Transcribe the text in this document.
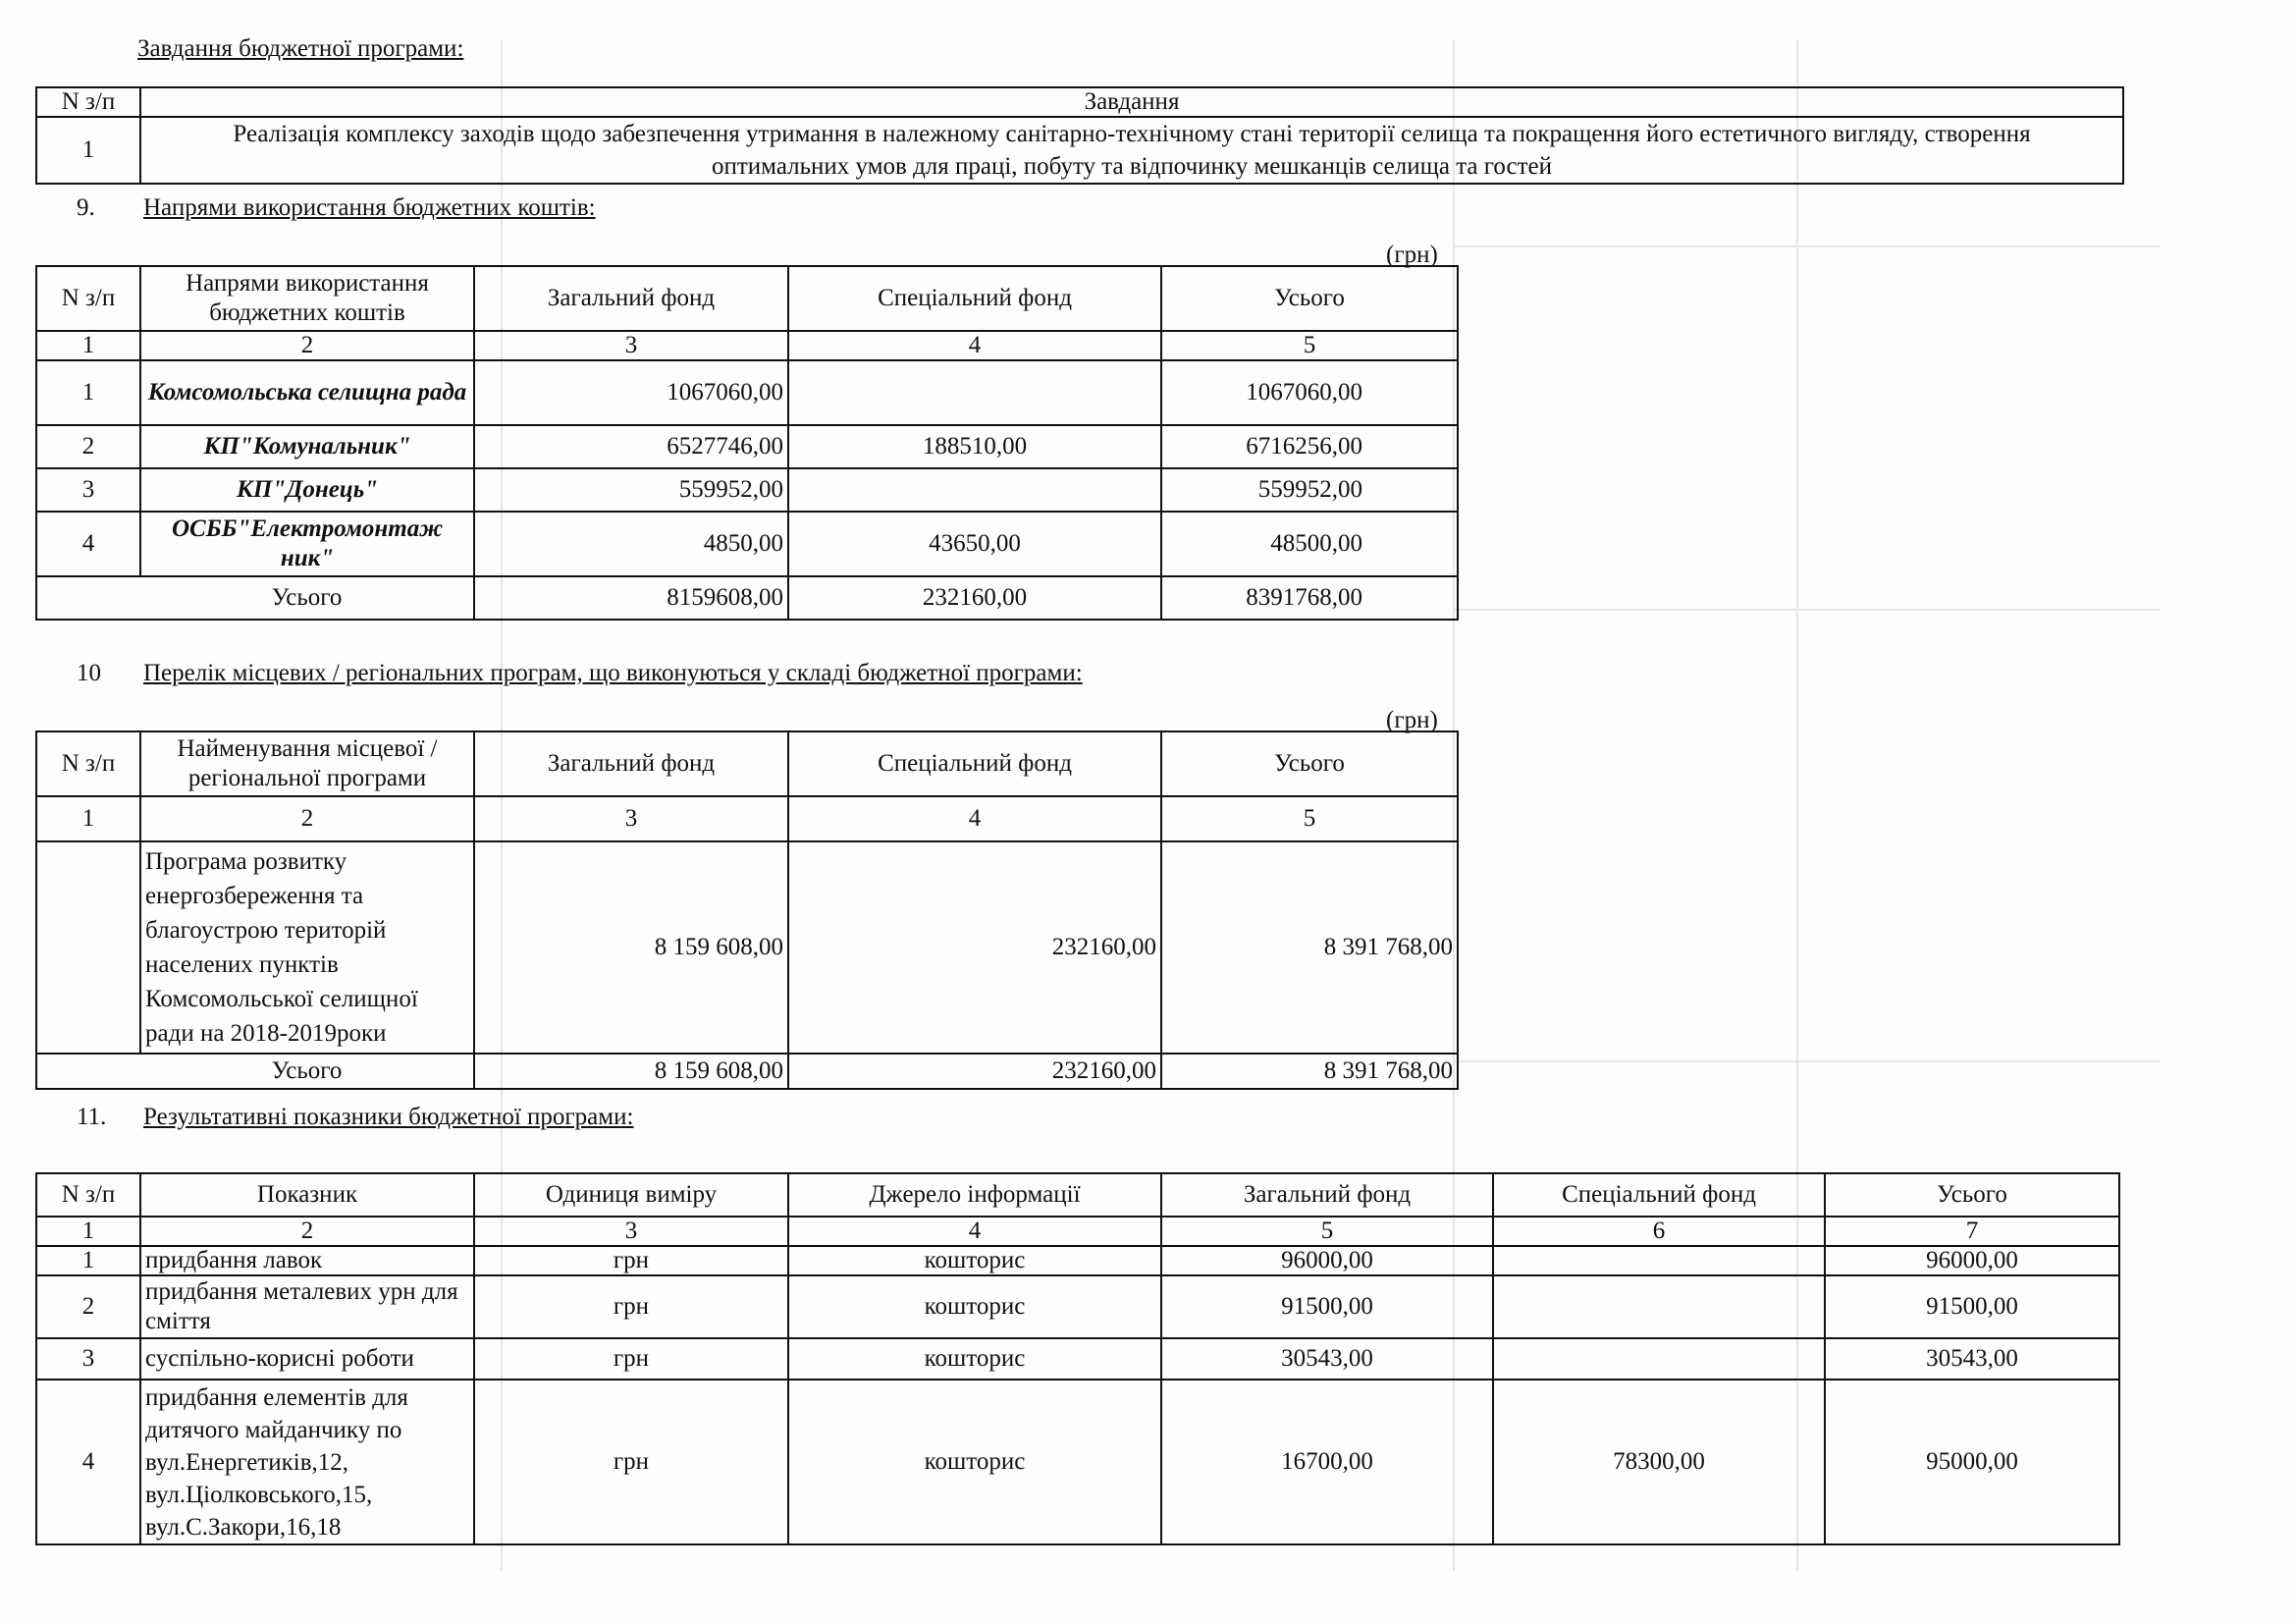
Завдання бюджетної програми:
N з/п	Завдання
1	Реалізація комплексу заходів щодо забезпечення утримання в належному санітарно-технічному стані території селища та покращення його естетичного вигляду, створення оптимальних умов для праці, побуту та відпочинку мешканців селища та гостей
9. Напрями використання бюджетних коштів:
(грн)
N з/п	Напрями використання бюджетних коштів	Загальний фонд	Спеціальний фонд	Усього
1	2	3	4	5
1	Комсомольська селищна рада	1067060,00		1067060,00
2	КП"Комунальник"	6527746,00	188510,00	6716256,00
3	КП"Донець"	559952,00		559952,00
4	ОСББ"Електромонтаж ник"	4850,00	43650,00	48500,00
	Усього	8159608,00	232160,00	8391768,00
10 Перелік місцевих / регіональних програм, що виконуються у складі бюджетної програми:
(грн)
N з/п	Найменування місцевої / регіональної програми	Загальний фонд	Спеціальний фонд	Усього
1	2	3	4	5
	Програма розвитку енергозбереження та благоустрою територій населених пунктів Комсомольської селищної ради на 2018-2019роки	8 159 608,00	232160,00	8 391 768,00
	Усього	8 159 608,00	232160,00	8 391 768,00
11. Результативні показники бюджетної програми:
N з/п	Показник	Одиниця виміру	Джерело інформації	Загальний фонд	Спеціальний фонд	Усього
1	2	3	4	5	6	7
1	придбання лавок	грн	кошторис	96000,00		96000,00
2	придбання металевих урн для сміття	грн	кошторис	91500,00		91500,00
3	суспільно-корисні роботи	грн	кошторис	30543,00		30543,00
4	придбання елементів для дитячого майданчику по вул.Енергетиків,12, вул.Ціолковського,15, вул.С.Закори,16,18	грн	кошторис	16700,00	78300,00	95000,00
